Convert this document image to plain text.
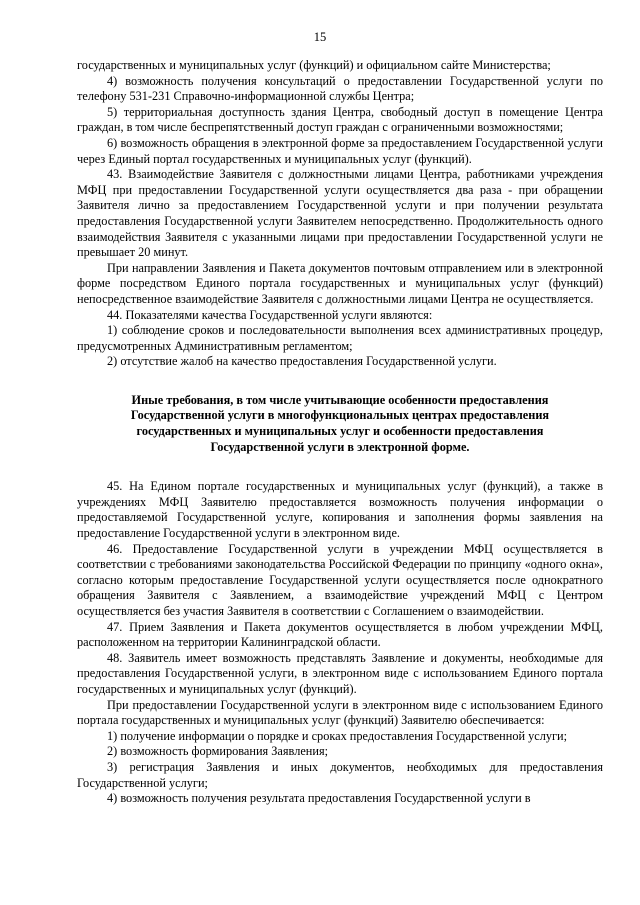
15

государственных и муниципальных услуг (функций) и официальном сайте Министерства;

4) возможность получения консультаций о предоставлении Государственной услуги по телефону 531-231 Справочно-информационной службы Центра;

5) территориальная доступность здания Центра, свободный доступ в помещение Центра граждан, в том числе беспрепятственный доступ граждан с ограниченными возможностями;

6) возможность обращения в электронной форме за предоставлением Государственной услуги через Единый портал государственных и муниципальных услуг (функций).

43. Взаимодействие Заявителя с должностными лицами Центра, работниками учреждения МФЦ при предоставлении Государственной услуги осуществляется два раза - при обращении Заявителя лично за предоставлением Государственной услуги и при получении результата предоставления Государственной услуги Заявителем непосредственно. Продолжительность одного взаимодействия Заявителя с указанными лицами при предоставлении Государственной услуги не превышает 20 минут.

При направлении Заявления и Пакета документов почтовым отправлением или в электронной форме посредством Единого портала государственных и муниципальных услуг (функций) непосредственное взаимодействие Заявителя с должностными лицами Центра не осуществляется.

44. Показателями качества Государственной услуги являются:

1) соблюдение сроков и последовательности выполнения всех административных процедур, предусмотренных Административным регламентом;

2) отсутствие жалоб на качество предоставления Государственной услуги.

Иные требования, в том числе учитывающие особенности предоставления Государственной услуги в многофункциональных центрах предоставления государственных и муниципальных услуг и особенности предоставления Государственной услуги в электронной форме.

45. На Едином портале государственных и муниципальных услуг (функций), а также в учреждениях МФЦ Заявителю предоставляется возможность получения информации о предоставляемой Государственной услуге, копирования и заполнения формы заявления на предоставление Государственной услуги в электронном виде.

46. Предоставление Государственной услуги в учреждении МФЦ осуществляется в соответствии с требованиями законодательства Российской Федерации по принципу «одного окна», согласно которым предоставление Государственной услуги осуществляется после однократного обращения Заявителя с Заявлением, а взаимодействие учреждений МФЦ с Центром осуществляется без участия Заявителя в соответствии с Соглашением о взаимодействии.

47. Прием Заявления и Пакета документов осуществляется в любом учреждении МФЦ, расположенном на территории Калининградской области.

48. Заявитель имеет возможность представлять Заявление и документы, необходимые для предоставления Государственной услуги, в электронном виде с использованием Единого портала государственных и муниципальных услуг (функций).

При предоставлении Государственной услуги в электронном виде с использованием Единого портала государственных и муниципальных услуг (функций) Заявителю обеспечивается:

1) получение информации о порядке и сроках предоставления Государственной услуги;

2) возможность формирования Заявления;

3) регистрация Заявления и иных документов, необходимых для предоставления Государственной услуги;

4) возможность получения результата предоставления Государственной услуги в
